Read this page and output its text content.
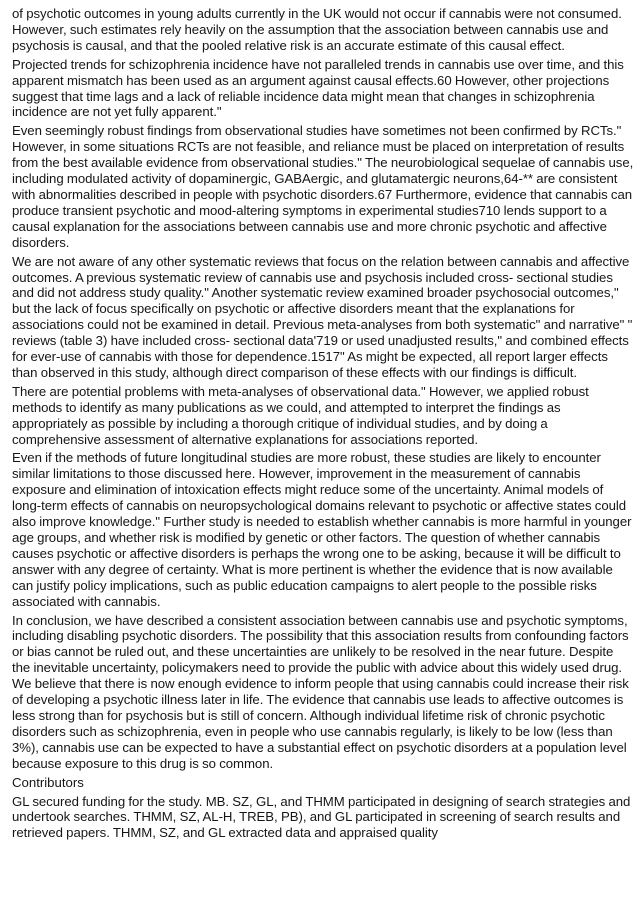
of psychotic outcomes in young adults currently in the UK would not occur if cannabis were not consumed. However, such estimates rely heavily on the assumption that the association between cannabis use and psychosis is causal, and that the pooled relative risk is an accurate estimate of this causal effect.

Projected trends for schizophrenia incidence have not paralleled trends in cannabis use over time, and this apparent mismatch has been used as an argument against causal effects.60 However, other projections suggest that time lags and a lack of reliable incidence data might mean that changes in schizophrenia incidence are not yet fully apparent."

Even seemingly robust findings from observational studies have sometimes not been confirmed by RCTs." However, in some situations RCTs are not feasible, and reliance must be placed on interpretation of results from the best available evidence from observational studies." The neurobiological sequelae of cannabis use, including modulated activity of dopaminergic, GABAergic, and glutamatergic neurons,64-** are consistent with abnormalities described in people with psychotic disorders.67 Furthermore, evidence that cannabis can produce transient psychotic and mood-altering symptoms in experimental studies710 lends support to a causal explanation for the associations between cannabis use and more chronic psychotic and affective disorders.

We are not aware of any other systematic reviews that focus on the relation between cannabis and affective outcomes. A previous systematic review of cannabis use and psychosis included cross- sectional studies and did not address study quality." Another systematic review examined broader psychosocial outcomes," but the lack of focus specifically on psychotic or affective disorders meant that the explanations for associations could not be examined in detail. Previous meta-analyses from both systematic" and narrative" " reviews (table 3) have included cross- sectional data'719 or used unadjusted results," and combined effects for ever-use of cannabis with those for dependence.1517" As might be expected, all report larger effects than observed in this study, although direct comparison of these effects with our findings is difficult.

There are potential problems with meta-analyses of observational data." However, we applied robust methods to identify as many publications as we could, and attempted to interpret the findings as appropriately as possible by including a thorough critique of individual studies, and by doing a comprehensive assessment of alternative explanations for associations reported.

Even if the methods of future longitudinal studies are more robust, these studies are likely to encounter similar limitations to those discussed here. However, improvement in the measurement of cannabis exposure and elimination of intoxication effects might reduce some of the uncertainty. Animal models of long-term effects of cannabis on neuropsychological domains relevant to psychotic or affective states could also improve knowledge." Further study is needed to establish whether cannabis is more harmful in younger age groups, and whether risk is modified by genetic or other factors. The question of whether cannabis causes psychotic or affective disorders is perhaps the wrong one to be asking, because it will be difficult to answer with any degree of certainty. What is more pertinent is whether the evidence that is now available can justify policy implications, such as public education campaigns to alert people to the possible risks associated with cannabis.

In conclusion, we have described a consistent association between cannabis use and psychotic symptoms, including disabling psychotic disorders. The possibility that this association results from confounding factors or bias cannot be ruled out, and these uncertainties are unlikely to be resolved in the near future. Despite the inevitable uncertainty, policymakers need to provide the public with advice about this widely used drug. We believe that there is now enough evidence to inform people that using cannabis could increase their risk of developing a psychotic illness later in life. The evidence that cannabis use leads to affective outcomes is less strong than for psychosis but is still of concern. Although individual lifetime risk of chronic psychotic disorders such as schizophrenia, even in people who use cannabis regularly, is likely to be low (less than 3%), cannabis use can be expected to have a substantial effect on psychotic disorders at a population level because exposure to this drug is so common.

Contributors

GL secured funding for the study. MB. SZ, GL, and THMM participated in designing of search strategies and undertook searches. THMM, SZ, AL-H, TREB, PB), and GL participated in screening of search results and retrieved papers. THMM, SZ, and GL extracted data and appraised quality
